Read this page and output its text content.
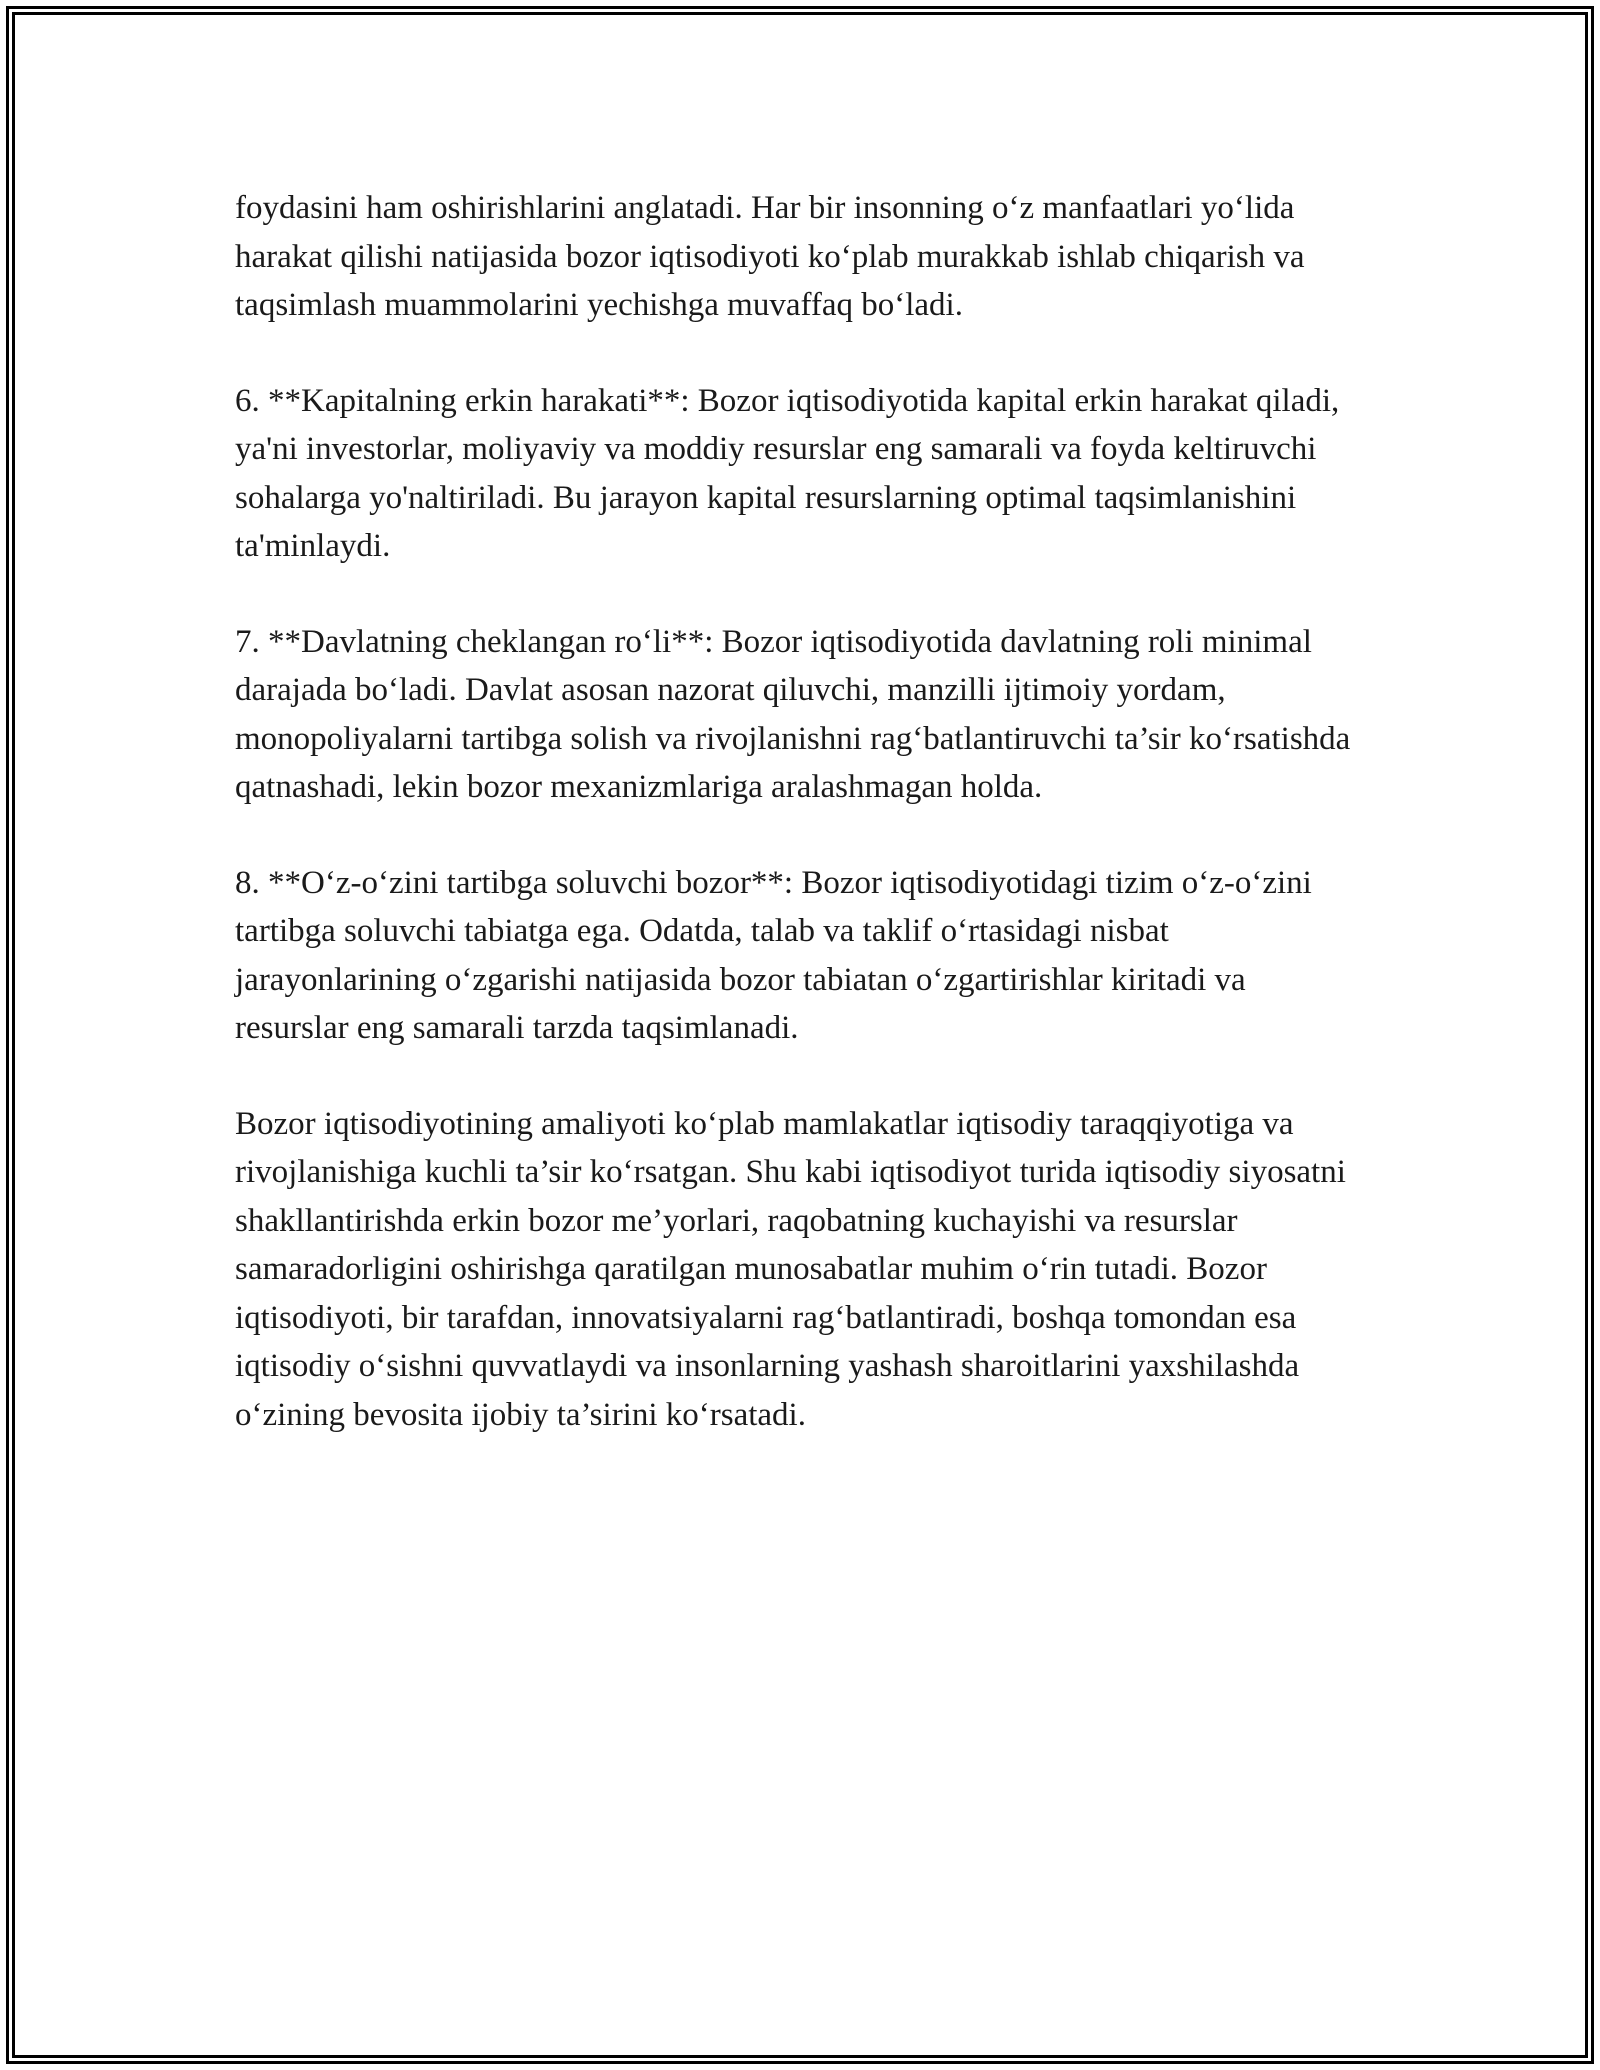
foydasini ham oshirishlarini anglatadi. Har bir insonning o‘z manfaatlari yo‘lida harakat qilishi natijasida bozor iqtisodiyoti ko‘plab murakkab ishlab chiqarish va taqsimlash muammolarini yechishga muvaffaq bo‘ladi.

6. **Kapitalning erkin harakati**: Bozor iqtisodiyotida kapital erkin harakat qiladi, ya'ni investorlar, moliyaviy va moddiy resurslar eng samarali va foyda keltiruvchi sohalarga yo'naltiriladi. Bu jarayon kapital resurslarning optimal taqsimlanishini ta'minlaydi.

7. **Davlatning cheklangan ro‘li**: Bozor iqtisodiyotida davlatning roli minimal darajada bo‘ladi. Davlat asosan nazorat qiluvchi, manzilli ijtimoiy yordam, monopoliyalarni tartibga solish va rivojlanishni rag‘batlantiruvchi ta’sir ko‘rsatishda qatnashadi, lekin bozor mexanizmlariga aralashmagan holda.

8. **O‘z-o‘zini tartibga soluvchi bozor**: Bozor iqtisodiyotidagi tizim o‘z-o‘zini tartibga soluvchi tabiatga ega. Odatda, talab va taklif o‘rtasidagi nisbat jarayonlarining o‘zgarishi natijasida bozor tabiatan o‘zgartirishlar kiritadi va resurslar eng samarali tarzda taqsimlanadi.

Bozor iqtisodiyotining amaliyoti ko‘plab mamlakatlar iqtisodiy taraqqiyotiga va rivojlanishiga kuchli ta’sir ko‘rsatgan. Shu kabi iqtisodiyot turida iqtisodiy siyosatni shakllantirishda erkin bozor me’yorlari, raqobatning kuchayishi va resurslar samaradorligini oshirishga qaratilgan munosabatlar muhim o‘rin tutadi. Bozor iqtisodiyoti, bir tarafdan, innovatsiyalarni rag‘batlantiradi, boshqa tomondan esa iqtisodiy o‘sishni quvvatlaydi va insonlarning yashash sharoitlarini yaxshilashda o‘zining bevosita ijobiy ta’sirini ko‘rsatadi.
